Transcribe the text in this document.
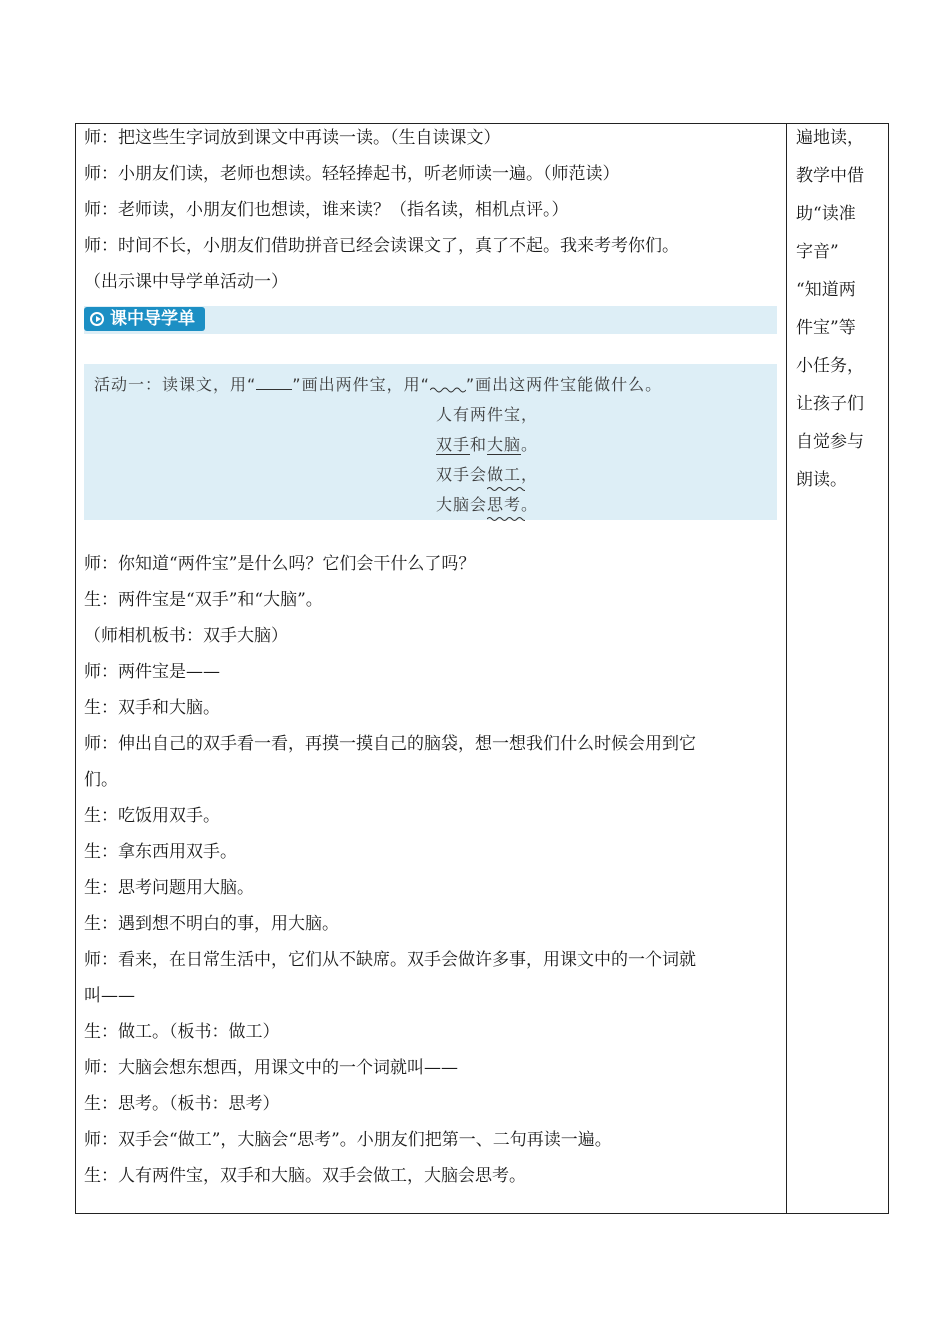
师：把这些生字词放到课文中再读一读。（生自读课文）
师：小朋友们读，老师也想读。轻轻捧起书，听老师读一遍。（师范读）
师：老师读，小朋友们也想读，谁来读？（指名读，相机点评。）
师：时间不长，小朋友们借助拼音已经会读课文了，真了不起。我来考考你们。
（出示课中导学单活动一）
课中导学单
活动一：读课文，用“ ”画出两件宝，用“ ”画出这两件宝能做什么。
人有两件宝，
双手和大脑。
双手会做工
，
大脑会思考
。
师：你知道“两件宝”是什么吗？它们会干什么了吗？
生：两件宝是“双手”和“大脑”。
（师相机板书：双手大脑）
师：两件宝是——
生：双手和大脑。
师：伸出自己的双手看一看，再摸一摸自己的脑袋，想一想我们什么时候会用到它
们。
生：吃饭用双手。
生：拿东西用双手。
生：思考问题用大脑。
生：遇到想不明白的事，用大脑。
师：看来，在日常生活中，它们从不缺席。双手会做许多事，用课文中的一个词就
叫——
生：做工。（板书：做工）
师：大脑会想东想西，用课文中的一个词就叫——
生：思考。（板书：思考）
师：双手会“做工”，大脑会“思考”。小朋友们把第一、二句再读一遍。
生：人有两件宝，双手和大脑。双手会做工，大脑会思考。
遍地读，
教学中借
助“读准
字音”
“知道两
件宝”等
小任务，
让孩子们
自觉参与
朗读。
